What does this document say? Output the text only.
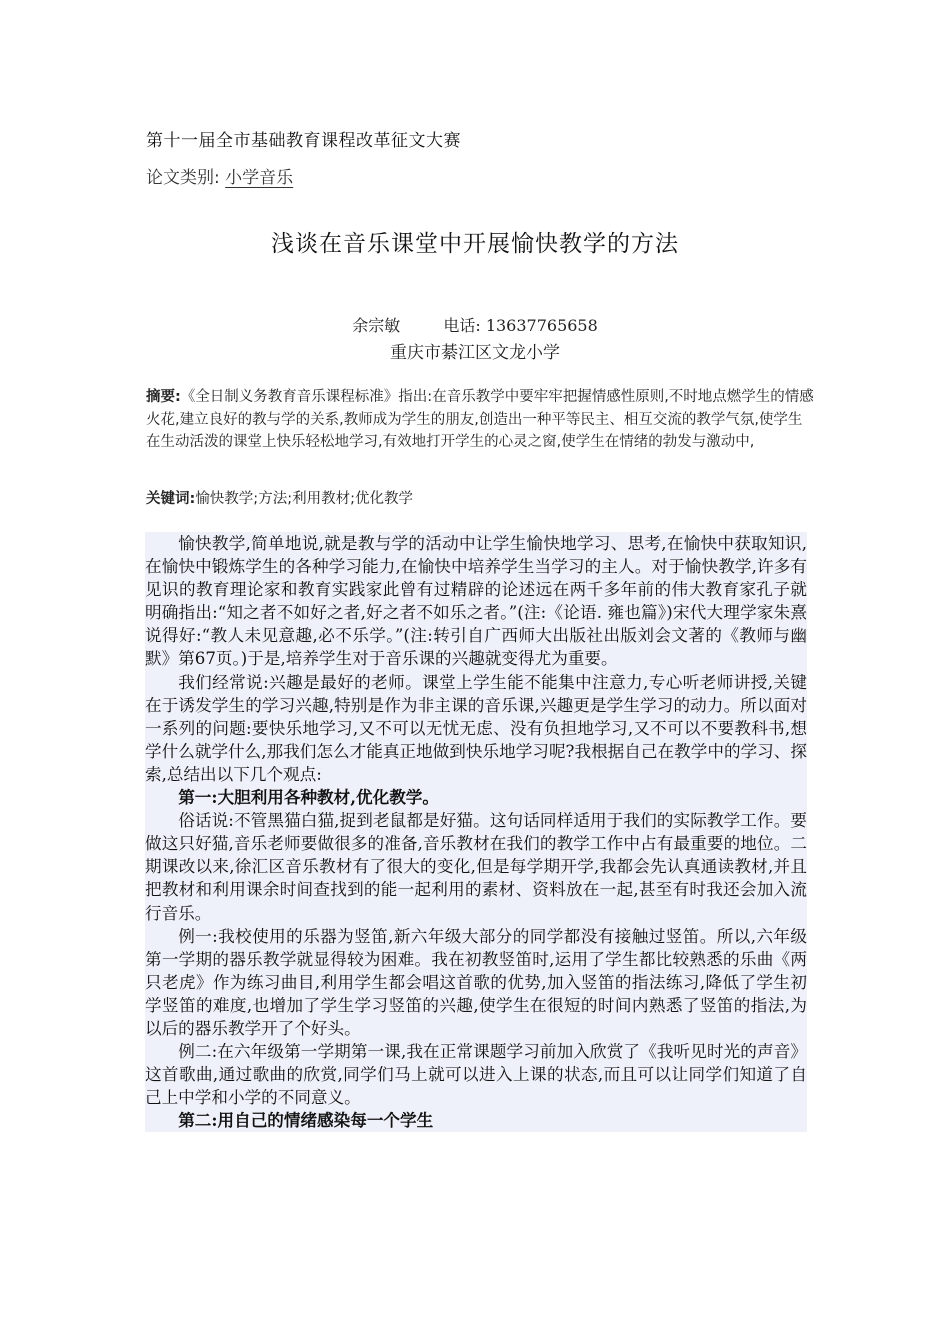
第十一届全市基础教育课程改革征文大赛
论文类别: 小学音乐
浅谈在音乐课堂中开展愉快教学的方法
余宗敏	电话: 13637765658
重庆市綦江区文龙小学
摘要:《全日制义务教育音乐课程标准》指出:在音乐教学中要牢牢把握情感性原则,不时地点燃学生的情感火花,建立良好的教与学的关系,教师成为学生的朋友,创造出一种平等民主、相互交流的教学气氛,使学生在生动活泼的课堂上快乐轻松地学习,有效地打开学生的心灵之窗,使学生在情绪的勃发与激动中,
关键词:愉快教学;方法;利用教材;优化教学

愉快教学,简单地说,就是教与学的活动中让学生愉快地学习、思考,在愉快中获取知识,在愉快中锻炼学生的各种学习能力,在愉快中培养学生当学习的主人。对于愉快教学,许多有见识的教育理论家和教育实践家此曾有过精辟的论述远在两千多年前的伟大教育家孔子就明确指出:“知之者不如好之者,好之者不如乐之者。”(注:《论语. 雍也篇》)宋代大理学家朱熹说得好:“教人未见意趣,必不乐学。”(注:转引自广西师大出版社出版刘会文著的《教师与幽默》第67页。)于是,培养学生对于音乐课的兴趣就变得尤为重要。

我们经常说:兴趣是最好的老师。课堂上学生能不能集中注意力,专心听老师讲授,关键在于诱发学生的学习兴趣,特别是作为非主课的音乐课,兴趣更是学生学习的动力。所以面对一系列的问题:要快乐地学习,又不可以无忧无虑、没有负担地学习,又不可以不要教科书,想学什么就学什么,那我们怎么才能真正地做到快乐地学习呢?我根据自己在教学中的学习、探索,总结出以下几个观点:

第一:大胆利用各种教材,优化教学。

俗话说:不管黑猫白猫,捉到老鼠都是好猫。这句话同样适用于我们的实际教学工作。要做这只好猫,音乐老师要做很多的准备,音乐教材在我们的教学工作中占有最重要的地位。二期课改以来,徐汇区音乐教材有了很大的变化,但是每学期开学,我都会先认真通读教材,并且把教材和利用课余时间查找到的能一起利用的素材、资料放在一起,甚至有时我还会加入流行音乐。

例一:我校使用的乐器为竖笛,新六年级大部分的同学都没有接触过竖笛。所以,六年级第一学期的器乐教学就显得较为困难。我在初教竖笛时,运用了学生都比较熟悉的乐曲《两只老虎》作为练习曲目,利用学生都会唱这首歌的优势,加入竖笛的指法练习,降低了学生初学竖笛的难度,也增加了学生学习竖笛的兴趣,使学生在很短的时间内熟悉了竖笛的指法,为以后的器乐教学开了个好头。

例二:在六年级第一学期第一课,我在正常课题学习前加入欣赏了《我听见时光的声音》这首歌曲,通过歌曲的欣赏,同学们马上就可以进入上课的状态,而且可以让同学们知道了自己上中学和小学的不同意义。

第二:用自己的情绪感染每一个学生
